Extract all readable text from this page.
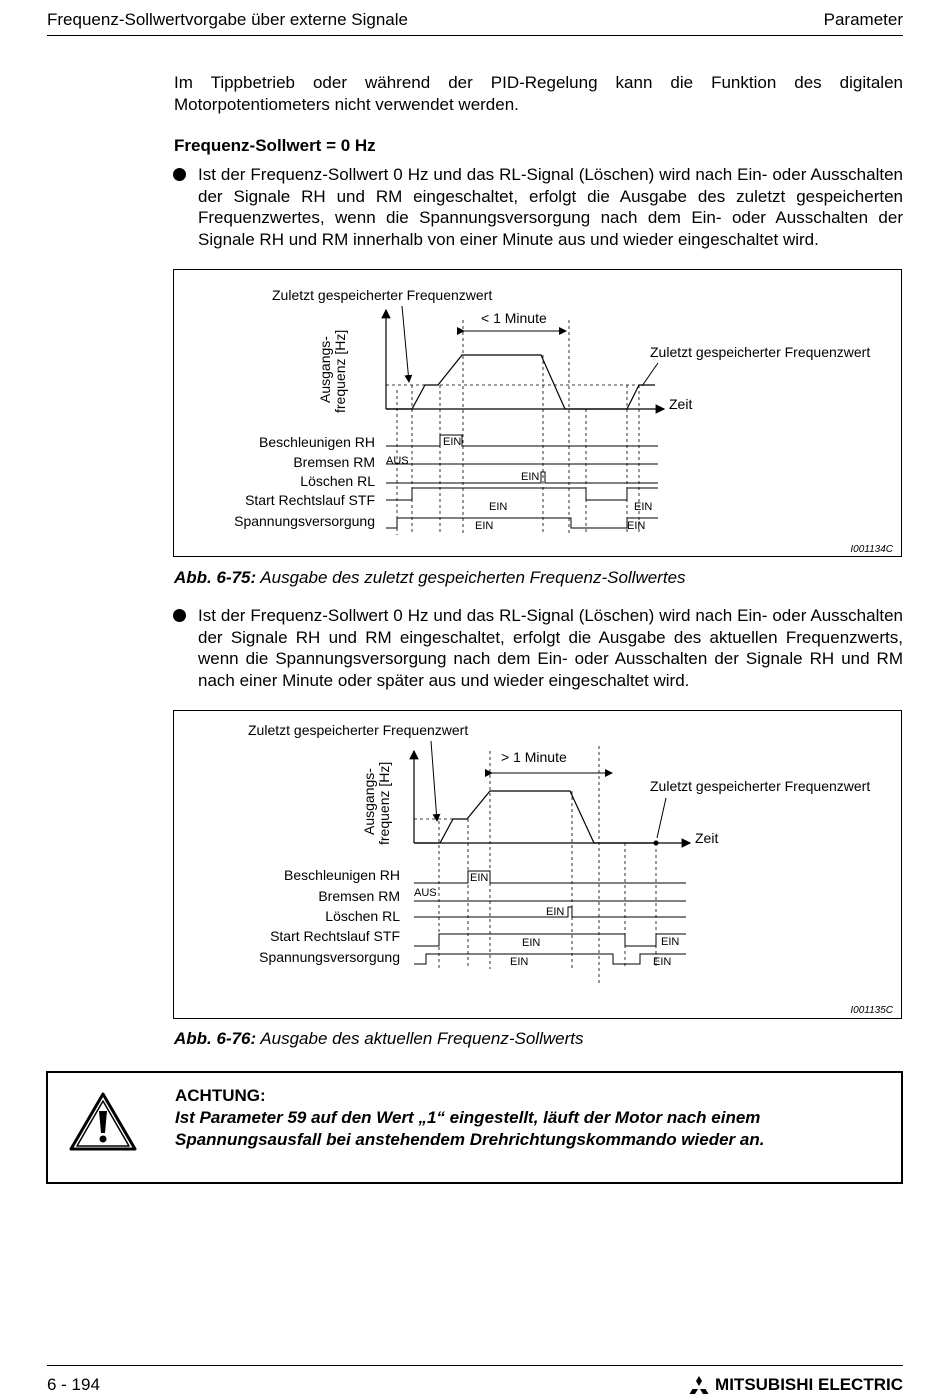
Frequenz-Sollwertvorgabe über externe Signale	Parameter
Im Tippbetrieb oder während der PID-Regelung kann die Funktion des digitalen Motorpotentiometers nicht verwendet werden.
Frequenz-Sollwert = 0 Hz
Ist der Frequenz-Sollwert 0 Hz und das RL-Signal (Löschen) wird nach Ein- oder Ausschalten der Signale RH und RM eingeschaltet, erfolgt die Ausgabe des zuletzt gespeicherten Frequenzwertes, wenn die Spannungsversorgung nach dem Ein- oder Ausschalten der Signale RH und RM innerhalb von einer Minute aus und wieder eingeschaltet wird.
Zuletzt gespeicherter Frequenzwert
< 1 Minute
Zuletzt gespeicherter Frequenzwert
Ausgangs- frequenz [Hz]	Zeit
Beschleunigen RH
Bremsen RM
Löschen RL
Start Rechtslauf STF
Spannungsversorgung
EIN
AUS
EIN
EIN	EIN
EIN	EIN
I001134C
Abb. 6-75: Ausgabe des zuletzt gespeicherten Frequenz-Sollwertes
Ist der Frequenz-Sollwert 0 Hz und das RL-Signal (Löschen) wird nach Ein- oder Ausschalten der Signale RH und RM eingeschaltet, erfolgt die Ausgabe des aktuellen Frequenzwerts, wenn die Spannungsversorgung nach dem Ein- oder Ausschalten der Signale RH und RM nach einer Minute oder später aus und wieder eingeschaltet wird.
Zuletzt gespeicherter Frequenzwert
> 1 Minute
Zuletzt gespeicherter Frequenzwert
Ausgangs- frequenz [Hz]	Zeit
Beschleunigen RH
Bremsen RM
Löschen RL
Start Rechtslauf STF
Spannungsversorgung
EIN
AUS
EIN
EIN	EIN
EIN	EIN
I001135C
Abb. 6-76: Ausgabe des aktuellen Frequenz-Sollwerts
ACHTUNG:
Ist Parameter 59 auf den Wert „1“ eingestellt, läuft der Motor nach einem Spannungsausfall bei anstehendem Drehrichtungskommando wieder an.
6 - 194	MITSUBISHI ELECTRIC
